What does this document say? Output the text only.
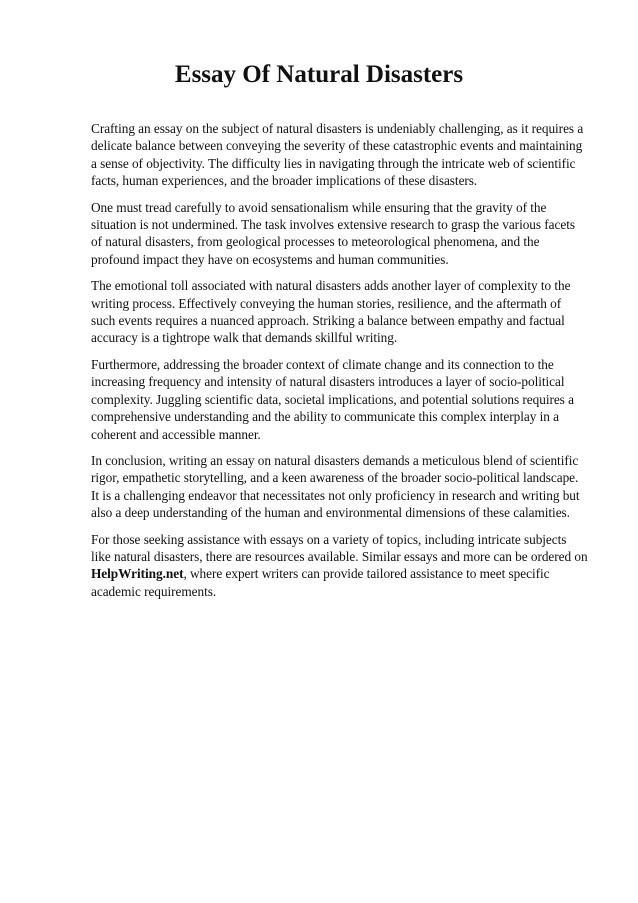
Essay Of Natural Disasters

Crafting an essay on the subject of natural disasters is undeniably challenging, as it requires a delicate balance between conveying the severity of these catastrophic events and maintaining a sense of objectivity. The difficulty lies in navigating through the intricate web of scientific facts, human experiences, and the broader implications of these disasters.

One must tread carefully to avoid sensationalism while ensuring that the gravity of the situation is not undermined. The task involves extensive research to grasp the various facets of natural disasters, from geological processes to meteorological phenomena, and the profound impact they have on ecosystems and human communities.

The emotional toll associated with natural disasters adds another layer of complexity to the writing process. Effectively conveying the human stories, resilience, and the aftermath of such events requires a nuanced approach. Striking a balance between empathy and factual accuracy is a tightrope walk that demands skillful writing.

Furthermore, addressing the broader context of climate change and its connection to the increasing frequency and intensity of natural disasters introduces a layer of socio-political complexity. Juggling scientific data, societal implications, and potential solutions requires a comprehensive understanding and the ability to communicate this complex interplay in a coherent and accessible manner.

In conclusion, writing an essay on natural disasters demands a meticulous blend of scientific rigor, empathetic storytelling, and a keen awareness of the broader socio-political landscape. It is a challenging endeavor that necessitates not only proficiency in research and writing but also a deep understanding of the human and environmental dimensions of these calamities.

For those seeking assistance with essays on a variety of topics, including intricate subjects like natural disasters, there are resources available. Similar essays and more can be ordered on HelpWriting.net, where expert writers can provide tailored assistance to meet specific academic requirements.
